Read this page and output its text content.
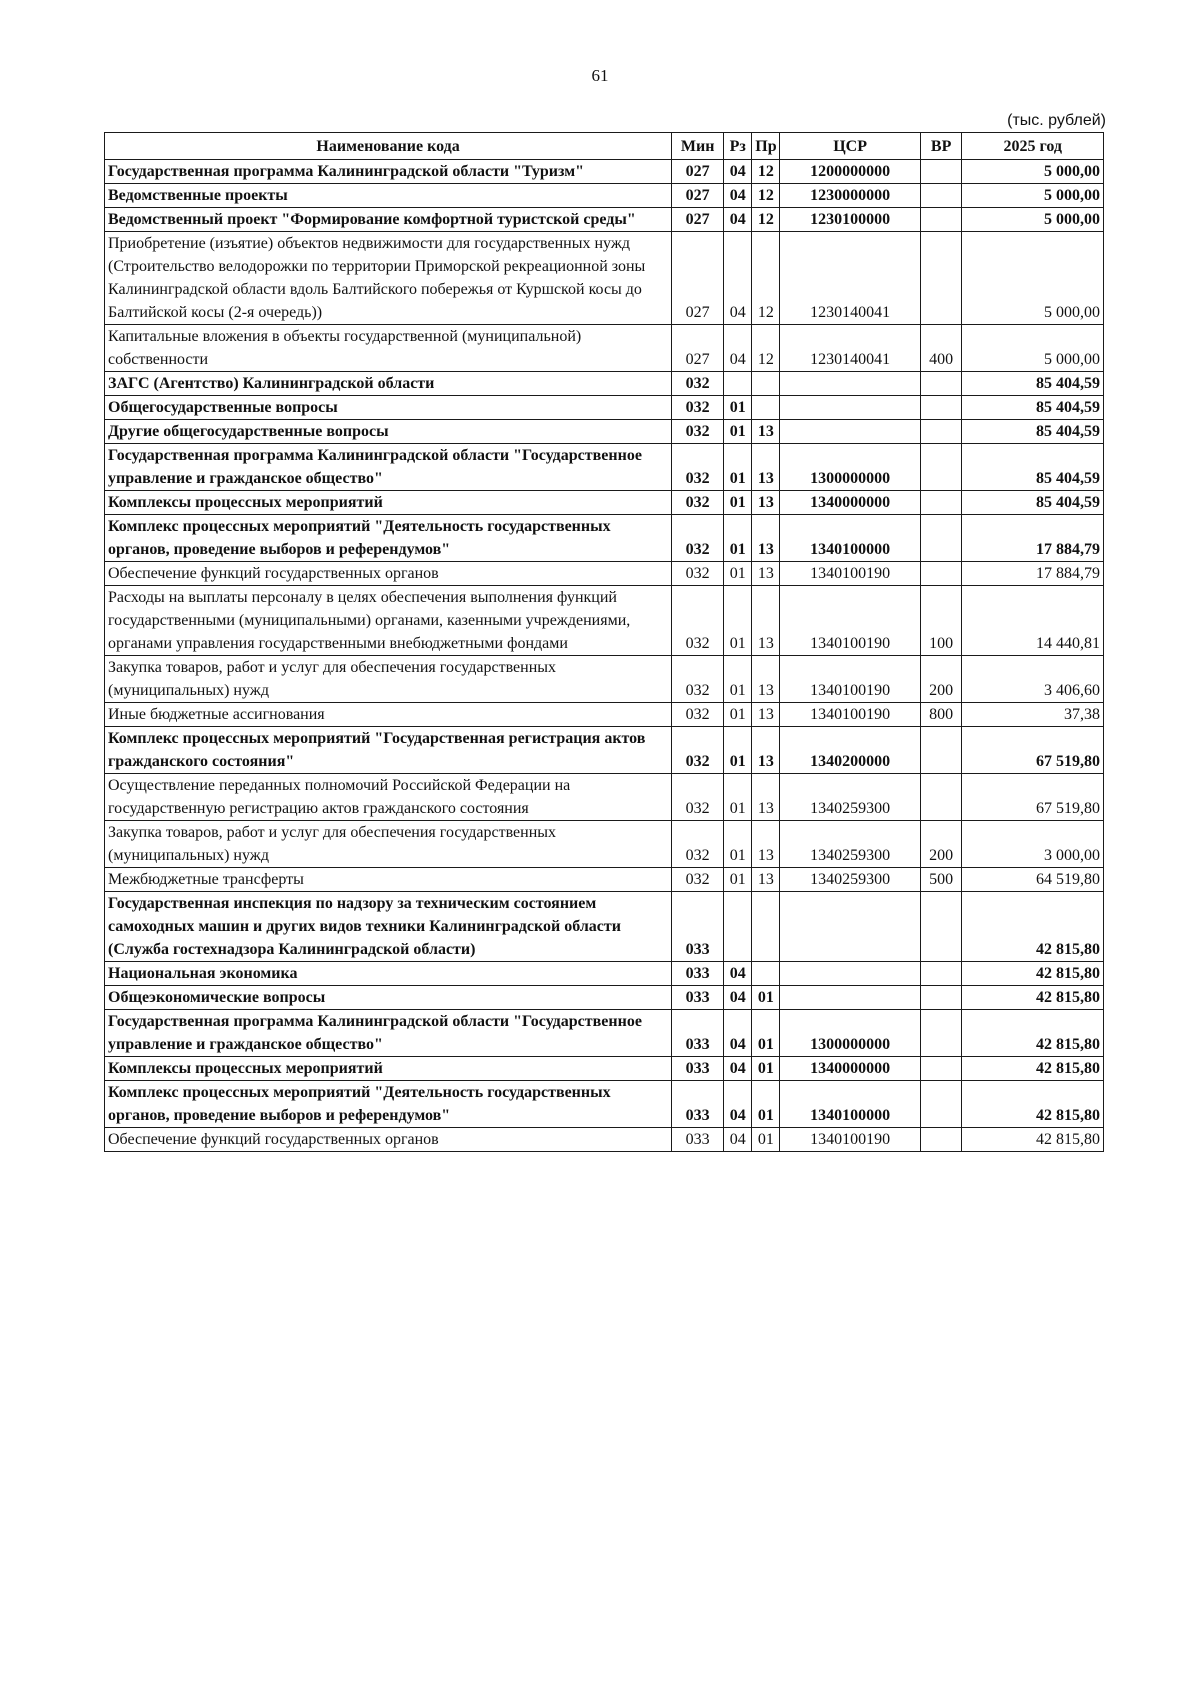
61
(тыс. рублей)
Наименование кода	Мин	Рз	Пр	ЦСР	ВР	2025 год
Государственная программа Калининградской области "Туризм"	027	04	12	1200000000		5 000,00
Ведомственные проекты	027	04	12	1230000000		5 000,00
Ведомственный проект "Формирование комфортной туристской среды"	027	04	12	1230100000		5 000,00
Приобретение (изъятие) объектов недвижимости для государственных нужд (Строительство велодорожки по территории Приморской рекреационной зоны Калининградской области вдоль Балтийского побережья от Куршской косы до Балтийской косы (2-я очередь))	027	04	12	1230140041		5 000,00
Капитальные вложения в объекты государственной (муниципальной) собственности	027	04	12	1230140041	400	5 000,00
ЗАГС (Агентство) Калининградской области	032					85 404,59
Общегосударственные вопросы	032	01				85 404,59
Другие общегосударственные вопросы	032	01	13			85 404,59
Государственная программа Калининградской области "Государственное управление и гражданское общество"	032	01	13	1300000000		85 404,59
Комплексы процессных мероприятий	032	01	13	1340000000		85 404,59
Комплекс процессных мероприятий "Деятельность государственных органов, проведение выборов и референдумов"	032	01	13	1340100000		17 884,79
Обеспечение функций государственных органов	032	01	13	1340100190		17 884,79
Расходы на выплаты персоналу в целях обеспечения выполнения функций государственными (муниципальными) органами, казенными учреждениями, органами управления государственными внебюджетными фондами	032	01	13	1340100190	100	14 440,81
Закупка товаров, работ и услуг для обеспечения государственных (муниципальных) нужд	032	01	13	1340100190	200	3 406,60
Иные бюджетные ассигнования	032	01	13	1340100190	800	37,38
Комплекс процессных мероприятий "Государственная регистрация актов гражданского состояния"	032	01	13	1340200000		67 519,80
Осуществление переданных полномочий Российской Федерации на государственную регистрацию актов гражданского состояния	032	01	13	1340259300		67 519,80
Закупка товаров, работ и услуг для обеспечения государственных (муниципальных) нужд	032	01	13	1340259300	200	3 000,00
Межбюджетные трансферты	032	01	13	1340259300	500	64 519,80
Государственная инспекция по надзору за техническим состоянием самоходных машин и других видов техники Калининградской области (Служба гостехнадзора Калининградской области)	033					42 815,80
Национальная экономика	033	04				42 815,80
Общеэкономические вопросы	033	04	01			42 815,80
Государственная программа Калининградской области "Государственное управление и гражданское общество"	033	04	01	1300000000		42 815,80
Комплексы процессных мероприятий	033	04	01	1340000000		42 815,80
Комплекс процессных мероприятий "Деятельность государственных органов, проведение выборов и референдумов"	033	04	01	1340100000		42 815,80
Обеспечение функций государственных органов	033	04	01	1340100190		42 815,80
